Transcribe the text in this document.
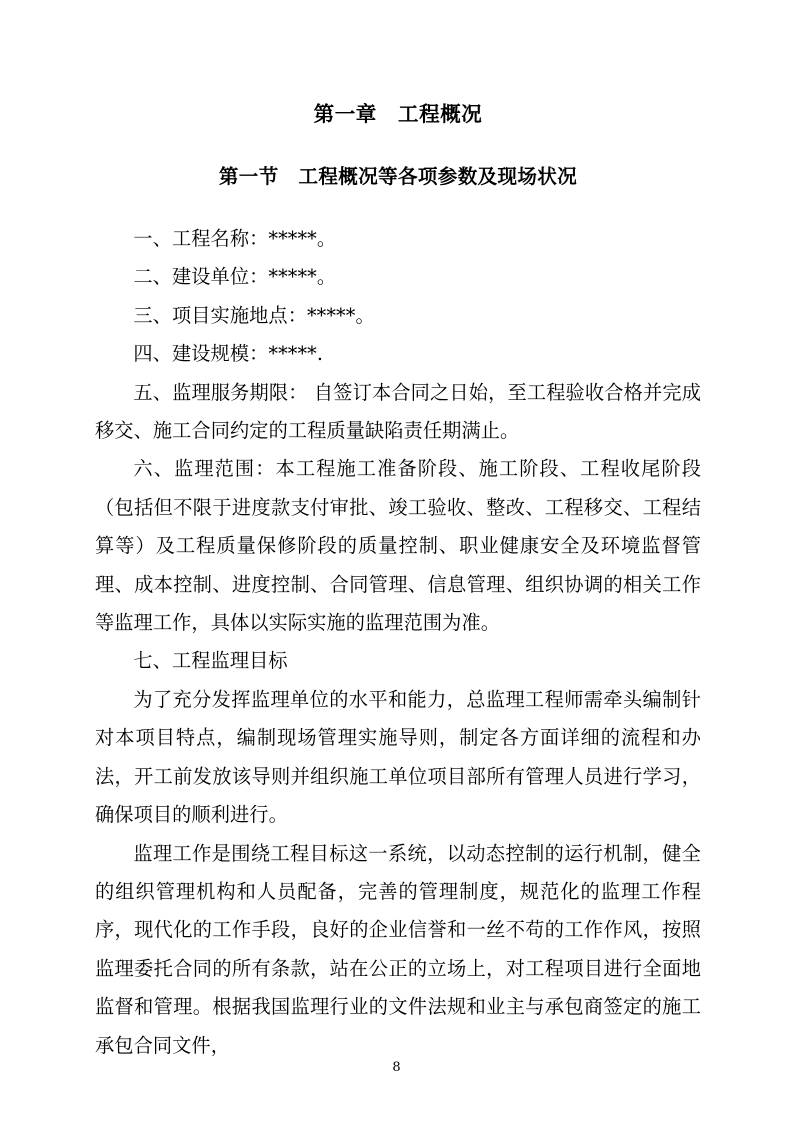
第一章　工程概况
第一节　工程概况等各项参数及现场状况

一、工程名称：*****。

二、建设单位：*****。

三、项目实施地点：*****。

四、建设规模：*****.

五、监理服务期限： 自签订本合同之日始，至工程验收合格并完成移交、施工合同约定的工程质量缺陷责任期满止。

六、监理范围：本工程施工准备阶段、施工阶段、工程收尾阶段（包括但不限于进度款支付审批、竣工验收、整改、工程移交、工程结算等）及工程质量保修阶段的质量控制、职业健康安全及环境监督管理、成本控制、进度控制、合同管理、信息管理、组织协调的相关工作等监理工作，具体以实际实施的监理范围为准。

七、工程监理目标

为了充分发挥监理单位的水平和能力，总监理工程师需牵头编制针对本项目特点，编制现场管理实施导则，制定各方面详细的流程和办法，开工前发放该导则并组织施工单位项目部所有管理人员进行学习，确保项目的顺利进行。

监理工作是围绕工程目标这一系统，以动态控制的运行机制，健全的组织管理机构和人员配备，完善的管理制度，规范化的监理工作程序，现代化的工作手段，良好的企业信誉和一丝不苟的工作作风，按照监理委托合同的所有条款，站在公正的立场上，对工程项目进行全面地监督和管理。根据我国监理行业的文件法规和业主与承包商签定的施工承包合同文件，

8
